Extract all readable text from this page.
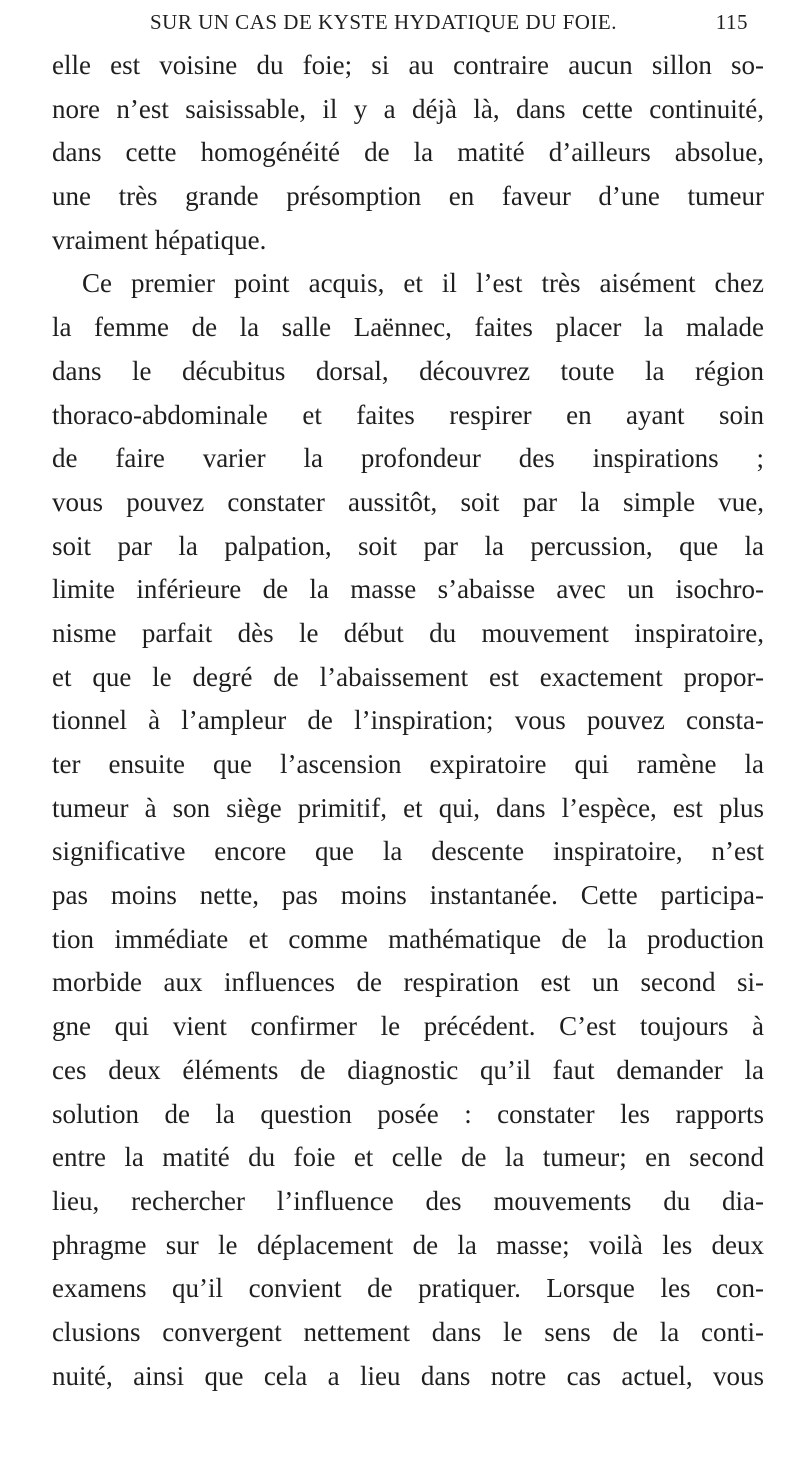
SUR UN CAS DE KYSTE HYDATIQUE DU FOIE.	115
elle est voisine du foie; si au contraire aucun sillon so-
nore n’est saisissable, il y a déjà là, dans cette continuité,
dans cette homogénéité de la matité d’ailleurs absolue,
une très grande présomption en faveur d’une tumeur
vraiment hépatique.
Ce premier point acquis, et il l’est très aisément chez
la femme de la salle Laënnec, faites placer la malade
dans le décubitus dorsal, découvrez toute la région
thoraco-abdominale et faites respirer en ayant soin
de faire varier la profondeur des inspirations ;
vous pouvez constater aussitôt, soit par la simple vue,
soit par la palpation, soit par la percussion, que la
limite inférieure de la masse s’abaisse avec un isochro-
nisme parfait dès le début du mouvement inspiratoire,
et que le degré de l’abaissement est exactement propor-
tionnel à l’ampleur de l’inspiration; vous pouvez consta-
ter ensuite que l’ascension expiratoire qui ramène la
tumeur à son siège primitif, et qui, dans l’espèce, est plus
significative encore que la descente inspiratoire, n’est
pas moins nette, pas moins instantanée. Cette participa-
tion immédiate et comme mathématique de la production
morbide aux influences de respiration est un second si-
gne qui vient confirmer le précédent. C’est toujours à
ces deux éléments de diagnostic qu’il faut demander la
solution de la question posée : constater les rapports
entre la matité du foie et celle de la tumeur; en second
lieu, rechercher l’influence des mouvements du dia-
phragme sur le déplacement de la masse; voilà les deux
examens qu’il convient de pratiquer. Lorsque les con-
clusions convergent nettement dans le sens de la conti-
nuité, ainsi que cela a lieu dans notre cas actuel, vous
